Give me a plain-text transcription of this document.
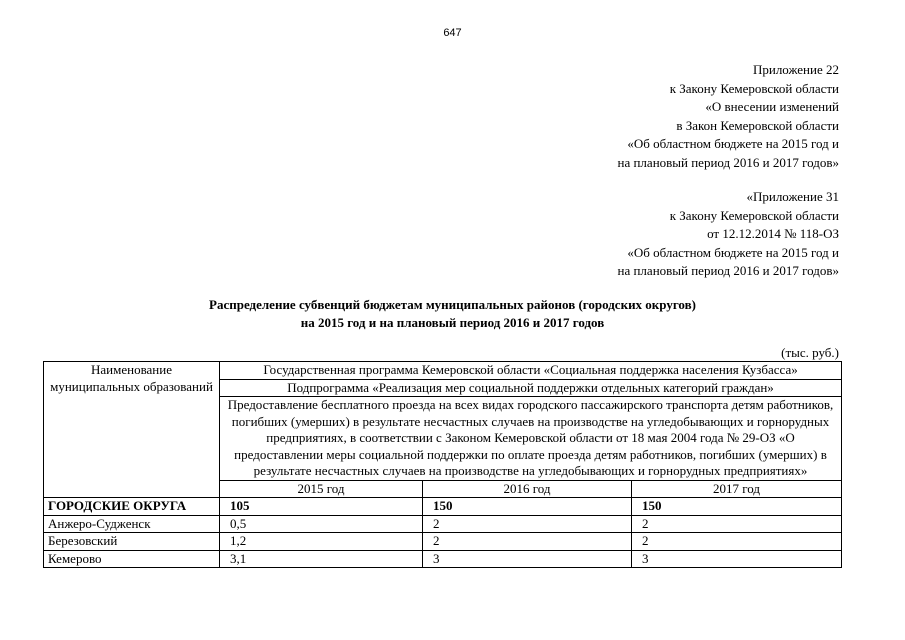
647
Приложение 22
к Закону Кемеровской области
«О внесении изменений
в Закон Кемеровской области
«Об областном бюджете на 2015 год и
на плановый период 2016 и 2017 годов»
«Приложение 31
к Закону Кемеровской области
от 12.12.2014 № 118-ОЗ
«Об областном бюджете на 2015 год и
на плановый период 2016 и 2017 годов»
Распределение субвенций бюджетам муниципальных районов (городских округов)
на 2015 год и на плановый период 2016 и 2017 годов
(тыс. руб.)
Наименование муниципальных образований	Государственная программа Кемеровской области «Социальная поддержка населения Кузбасса»		
	Подпрограмма «Реализация мер социальной поддержки отдельных категорий граждан»		
	Предоставление бесплатного проезда на всех видах городского пассажирского транспорта детям работников, погибших (умерших) в результате несчастных случаев на производстве на угледобывающих и горнорудных предприятиях, в соответствии с Законом Кемеровской области от 18 мая 2004 года № 29-ОЗ «О предоставлении меры социальной поддержки по оплате проезда детям работников, погибших (умерших) в результате несчастных случаев на производстве на угледобывающих и горнорудных предприятиях»		
	2015 год	2016 год	2017 год
ГОРОДСКИЕ ОКРУГА	105	150	150
Анжеро-Судженск	0,5	2	2
Березовский	1,2	2	2
Кемерово	3,1	3	3
